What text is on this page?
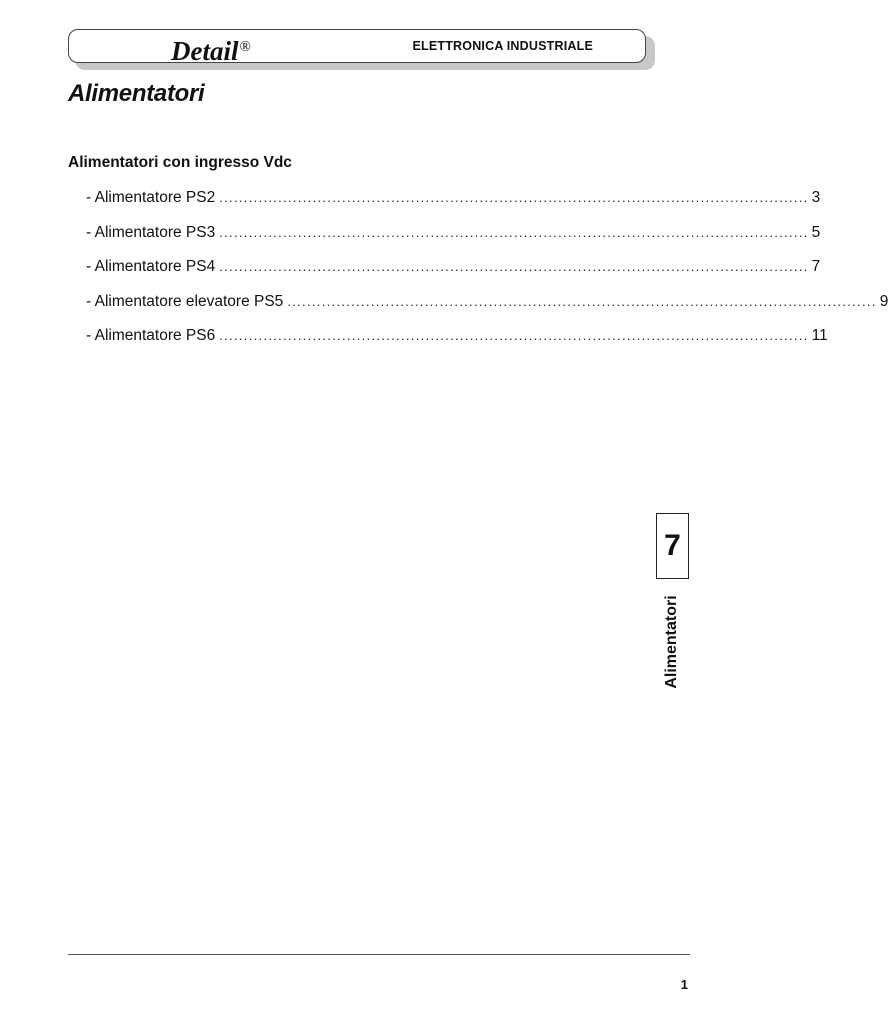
Detail®	ELETTRONICA INDUSTRIALE
Alimentatori
Alimentatori con ingresso Vdc
- Alimentatore PS2 ........................................................................................................................ 3
- Alimentatore PS3 ........................................................................................................................ 5
- Alimentatore PS4 ........................................................................................................................ 7
- Alimentatore elevatore PS5 ........................................................................................................................ 9
- Alimentatore PS6 ........................................................................................................................ 11
7
Alimentatori
1
